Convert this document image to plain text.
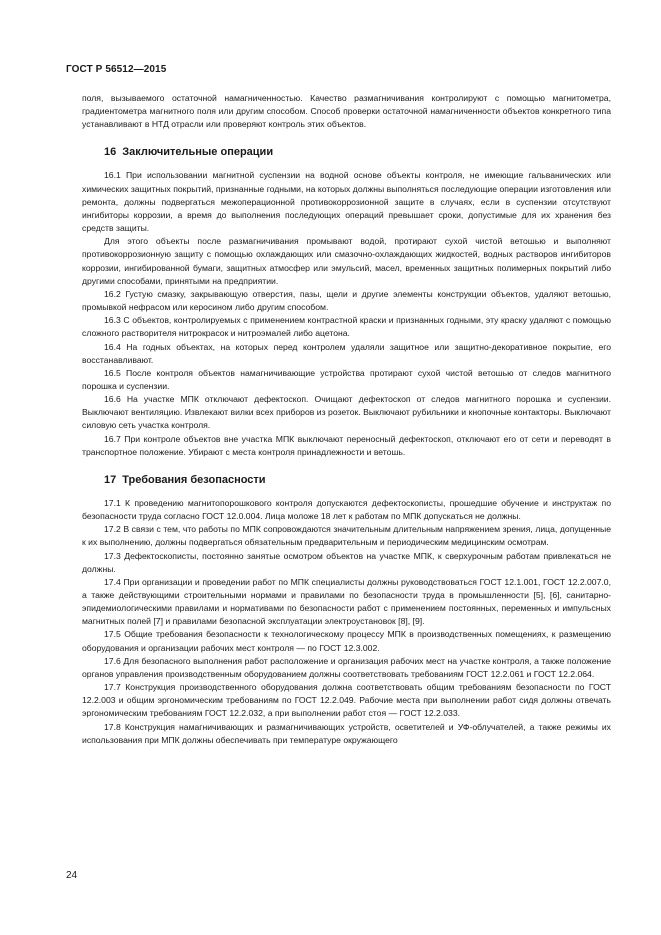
ГОСТ Р 56512—2015

поля, вызываемого остаточной намагниченностью. Качество размагничивания контролируют с помощью магнитометра, градиентометра магнитного поля или другим способом. Способ проверки остаточной намагниченности объектов конкретного типа устанавливают в НТД отрасли или проверяют контроль этих объектов.

16 Заключительные операции

16.1 При использовании магнитной суспензии на водной основе объекты контроля, не имеющие гальванических или химических защитных покрытий, признанные годными, на которых должны выполняться последующие операции изготовления или ремонта, должны подвергаться межоперационной противокоррозионной защите в случаях, если в суспензии отсутствуют ингибиторы коррозии, а время до выполнения последующих операций превышает сроки, допустимые для их хранения без средств защиты.

Для этого объекты после размагничивания промывают водой, протирают сухой чистой ветошью и выполняют противокоррозионную защиту с помощью охлаждающих или смазочно-охлаждающих жидкостей, водных растворов ингибиторов коррозии, ингибированной бумаги, защитных атмосфер или эмульсий, масел, временных защитных полимерных покрытий либо другими способами, принятыми на предприятии.

16.2 Густую смазку, закрывающую отверстия, пазы, щели и другие элементы конструкции объектов, удаляют ветошью, промывкой нефрасом или керосином либо другим способом.

16.3 С объектов, контролируемых с применением контрастной краски и признанных годными, эту краску удаляют с помощью сложного растворителя нитрокрасок и нитроэмалей либо ацетона.

16.4 На годных объектах, на которых перед контролем удаляли защитное или защитно-декоративное покрытие, его восстанавливают.

16.5 После контроля объектов намагничивающие устройства протирают сухой чистой ветошью от следов магнитного порошка и суспензии.

16.6 На участке МПК отключают дефектоскоп. Очищают дефектоскоп от следов магнитного порошка и суспензии. Выключают вентиляцию. Извлекают вилки всех приборов из розеток. Выключают рубильники и кнопочные контакторы. Выключают силовую сеть участка контроля.

16.7 При контроле объектов вне участка МПК выключают переносный дефектоскоп, отключают его от сети и переводят в транспортное положение. Убирают с места контроля принадлежности и ветошь.

17 Требования безопасности

17.1 К проведению магнитопорошкового контроля допускаются дефектоскописты, прошедшие обучение и инструктаж по безопасности труда согласно ГОСТ 12.0.004. Лица моложе 18 лет к работам по МПК допускаться не должны.

17.2 В связи с тем, что работы по МПК сопровождаются значительным длительным напряжением зрения, лица, допущенные к их выполнению, должны подвергаться обязательным предварительным и периодическим медицинским осмотрам.

17.3 Дефектоскописты, постоянно занятые осмотром объектов на участке МПК, к сверхурочным работам привлекаться не должны.

17.4 При организации и проведении работ по МПК специалисты должны руководствоваться ГОСТ 12.1.001, ГОСТ 12.2.007.0, а также действующими строительными нормами и правилами по безопасности труда в промышленности [5], [6], санитарно-эпидемиологическими правилами и нормативами по безопасности работ с применением постоянных, переменных и импульсных магнитных полей [7] и правилами безопасной эксплуатации электроустановок [8], [9].

17.5 Общие требования безопасности к технологическому процессу МПК в производственных помещениях, к размещению оборудования и организации рабочих мест контроля — по ГОСТ 12.3.002.

17.6 Для безопасного выполнения работ расположение и организация рабочих мест на участке контроля, а также положение органов управления производственным оборудованием должны соответствовать требованиям ГОСТ 12.2.061 и ГОСТ 12.2.064.

17.7 Конструкция производственного оборудования должна соответствовать общим требованиям безопасности по ГОСТ 12.2.003 и общим эргономическим требованиям по ГОСТ 12.2.049. Рабочие места при выполнении работ сидя должны отвечать эргономическим требованиям ГОСТ 12.2.032, а при выполнении работ стоя — ГОСТ 12.2.033.

17.8 Конструкция намагничивающих и размагничивающих устройств, осветителей и УФ-облучателей, а также режимы их использования при МПК должны обеспечивать при температуре окружающего

24
